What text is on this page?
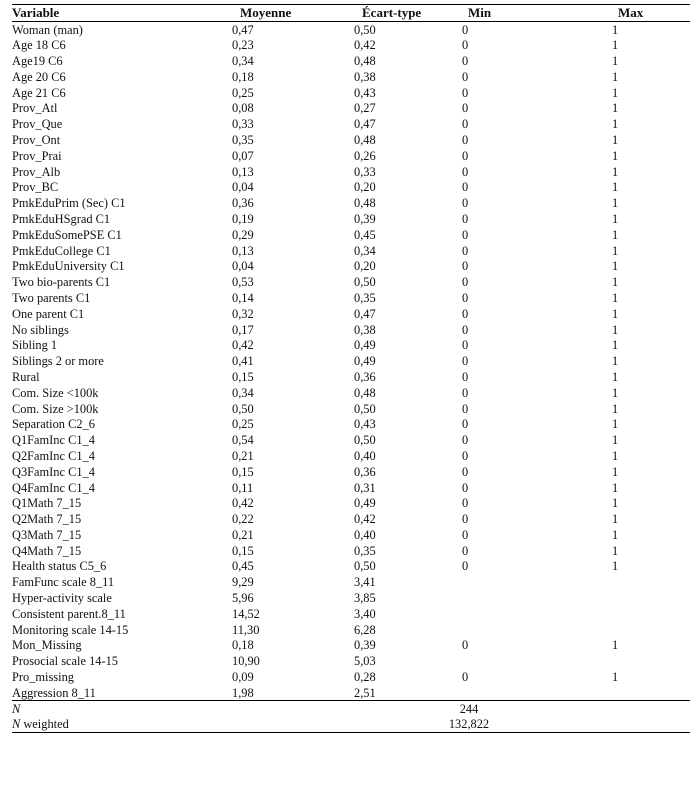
Variable	Moyenne	Écart-type	Min	Max
Woman (man)	0,47	0,50	0	1
Age 18 C6	0,23	0,42	0	1
Age19 C6	0,34	0,48	0	1
Age 20 C6	0,18	0,38	0	1
Age 21 C6	0,25	0,43	0	1
Prov_Atl	0,08	0,27	0	1
Prov_Que	0,33	0,47	0	1
Prov_Ont	0,35	0,48	0	1
Prov_Prai	0,07	0,26	0	1
Prov_Alb	0,13	0,33	0	1
Prov_BC	0,04	0,20	0	1
PmkEduPrim (Sec) C1	0,36	0,48	0	1
PmkEduHSgrad C1	0,19	0,39	0	1
PmkEduSomePSE C1	0,29	0,45	0	1
PmkEduCollege C1	0,13	0,34	0	1
PmkEduUniversity C1	0,04	0,20	0	1
Two bio-parents C1	0,53	0,50	0	1
Two parents C1	0,14	0,35	0	1
One parent C1	0,32	0,47	0	1
No siblings	0,17	0,38	0	1
Sibling 1	0,42	0,49	0	1
Siblings 2 or more	0,41	0,49	0	1
Rural	0,15	0,36	0	1
Com. Size <100k	0,34	0,48	0	1
Com. Size >100k	0,50	0,50	0	1
Separation C2_6	0,25	0,43	0	1
Q1FamInc C1_4	0,54	0,50	0	1
Q2FamInc C1_4	0,21	0,40	0	1
Q3FamInc C1_4	0,15	0,36	0	1
Q4FamInc C1_4	0,11	0,31	0	1
Q1Math 7_15	0,42	0,49	0	1
Q2Math 7_15	0,22	0,42	0	1
Q3Math 7_15	0,21	0,40	0	1
Q4Math 7_15	0,15	0,35	0	1
Health status C5_6	0,45	0,50	0	1
FamFunc scale 8_11	9,29	3,41		
Hyper-activity scale	5,96	3,85		
Consistent parent.8_11	14,52	3,40		
Monitoring scale 14-15	11,30	6,28		
Mon_Missing	0,18	0,39	0	1
Prosocial scale 14-15	10,90	5,03		
Pro_missing	0,09	0,28	0	1
Aggression 8_11	1,98	2,51		
N		244		
N weighted		132,822		
